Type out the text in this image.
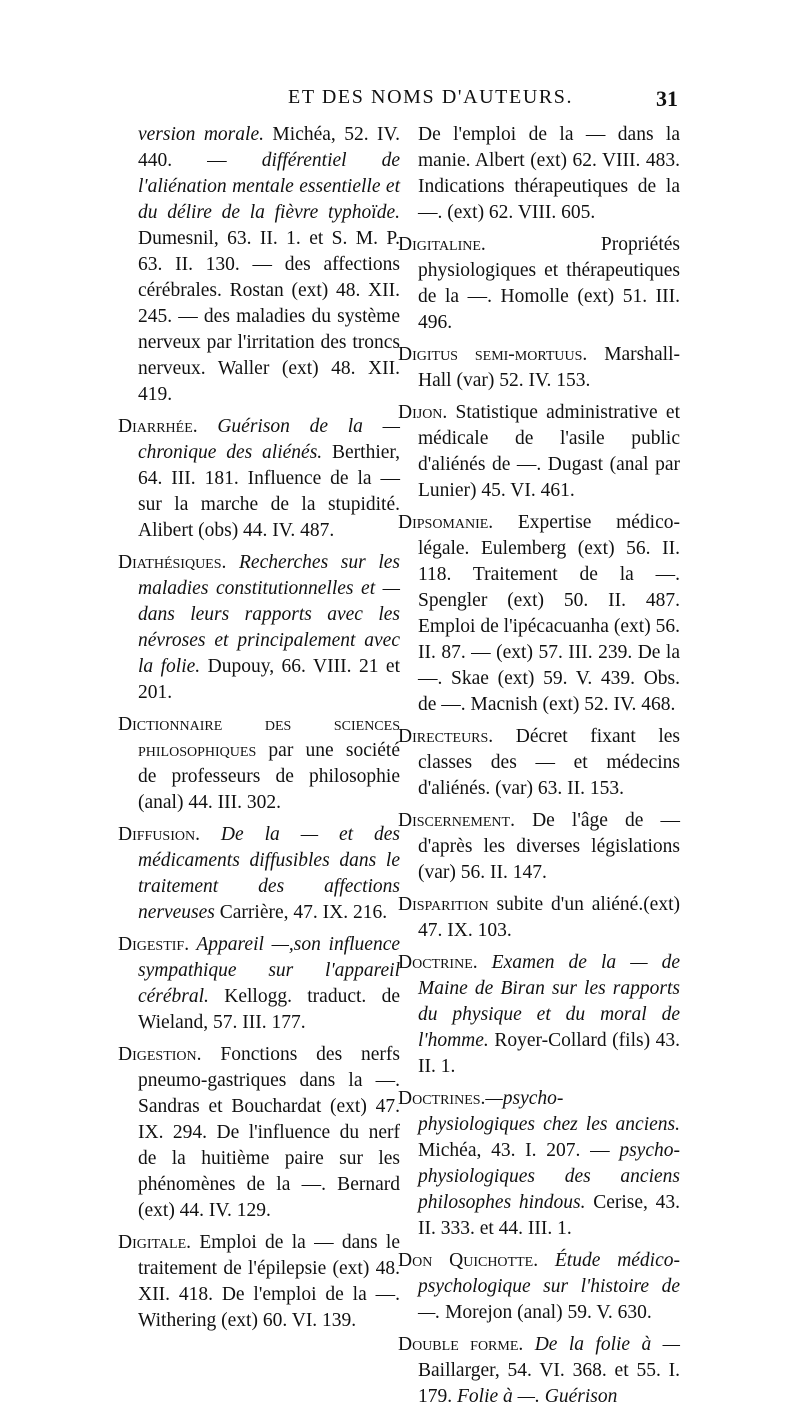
ET DES NOMS D'AUTEURS.	31

version morale. Michéa, 52. IV. 440. — différentiel de l'aliénation mentale essentielle et du délire de la fièvre typhoïde. Dumesnil, 63. II. 1. et S. M. P. 63. II. 130. — des affections cérébrales. Rostan (ext) 48. XII. 245. — des maladies du système nerveux par l'irritation des troncs nerveux. Waller (ext) 48. XII. 419.

Diarrhée. Guérison de la — chronique des aliénés. Berthier, 64. III. 181. Influence de la — sur la marche de la stupidité. Alibert (obs) 44. IV. 487.

Diathésiques. Recherches sur les maladies constitutionnelles et — dans leurs rapports avec les névroses et principalement avec la folie. Dupouy, 66. VIII. 21 et 201.

Dictionnaire des sciences philosophiques par une société de professeurs de philosophie (anal) 44. III. 302.

Diffusion. De la — et des médicaments diffusibles dans le traitement des affections nerveuses Carrière, 47. IX. 216.

Digestif. Appareil —,son influence sympathique sur l'appareil cérébral. Kellogg. traduct. de Wieland, 57. III. 177.

Digestion. Fonctions des nerfs pneumo-gastriques dans la —. Sandras et Bouchardat (ext) 47. IX. 294. De l'influence du nerf de la huitième paire sur les phénomènes de la —. Bernard (ext) 44. IV. 129.

Digitale. Emploi de la — dans le traitement de l'épilepsie (ext) 48. XII. 418. De l'emploi de la —. Withering (ext) 60. VI. 139.

De l'emploi de la — dans la manie. Albert (ext) 62. VIII. 483. Indications thérapeutiques de la —. (ext) 62. VIII. 605.

Digitaline. Propriétés physiologiques et thérapeutiques de la —. Homolle (ext) 51. III. 496.

Digitus semi-mortuus. Marshall-Hall (var) 52. IV. 153.

Dijon. Statistique administrative et médicale de l'asile public d'aliénés de —. Dugast (anal par Lunier) 45. VI. 461.

Dipsomanie. Expertise médico-légale. Eulemberg (ext) 56. II. 118. Traitement de la —. Spengler (ext) 50. II. 487. Emploi de l'ipécacuanha (ext) 56. II. 87. — (ext) 57. III. 239. De la —. Skae (ext) 59. V. 439. Obs. de —. Macnish (ext) 52. IV. 468.

Directeurs. Décret fixant les classes des — et médecins d'aliénés. (var) 63. II. 153.

Discernement. De l'âge de — d'après les diverses législations (var) 56. II. 147.

Disparition subite d'un aliéné.(ext) 47. IX. 103.

Doctrine. Examen de la — de Maine de Biran sur les rapports du physique et du moral de l'homme. Royer-Collard (fils) 43. II. 1.

Doctrines.—psycho-physiologiques chez les anciens. Michéa, 43. I. 207. — psycho-physiologiques des anciens philosophes hindous. Cerise, 43. II. 333. et 44. III. 1.

Don Quichotte. Étude médico-psychologique sur l'histoire de —. Morejon (anal) 59. V. 630.

Double forme. De la folie à — Baillarger, 54. VI. 368. et 55. I. 179. Folie à —. Guérison
